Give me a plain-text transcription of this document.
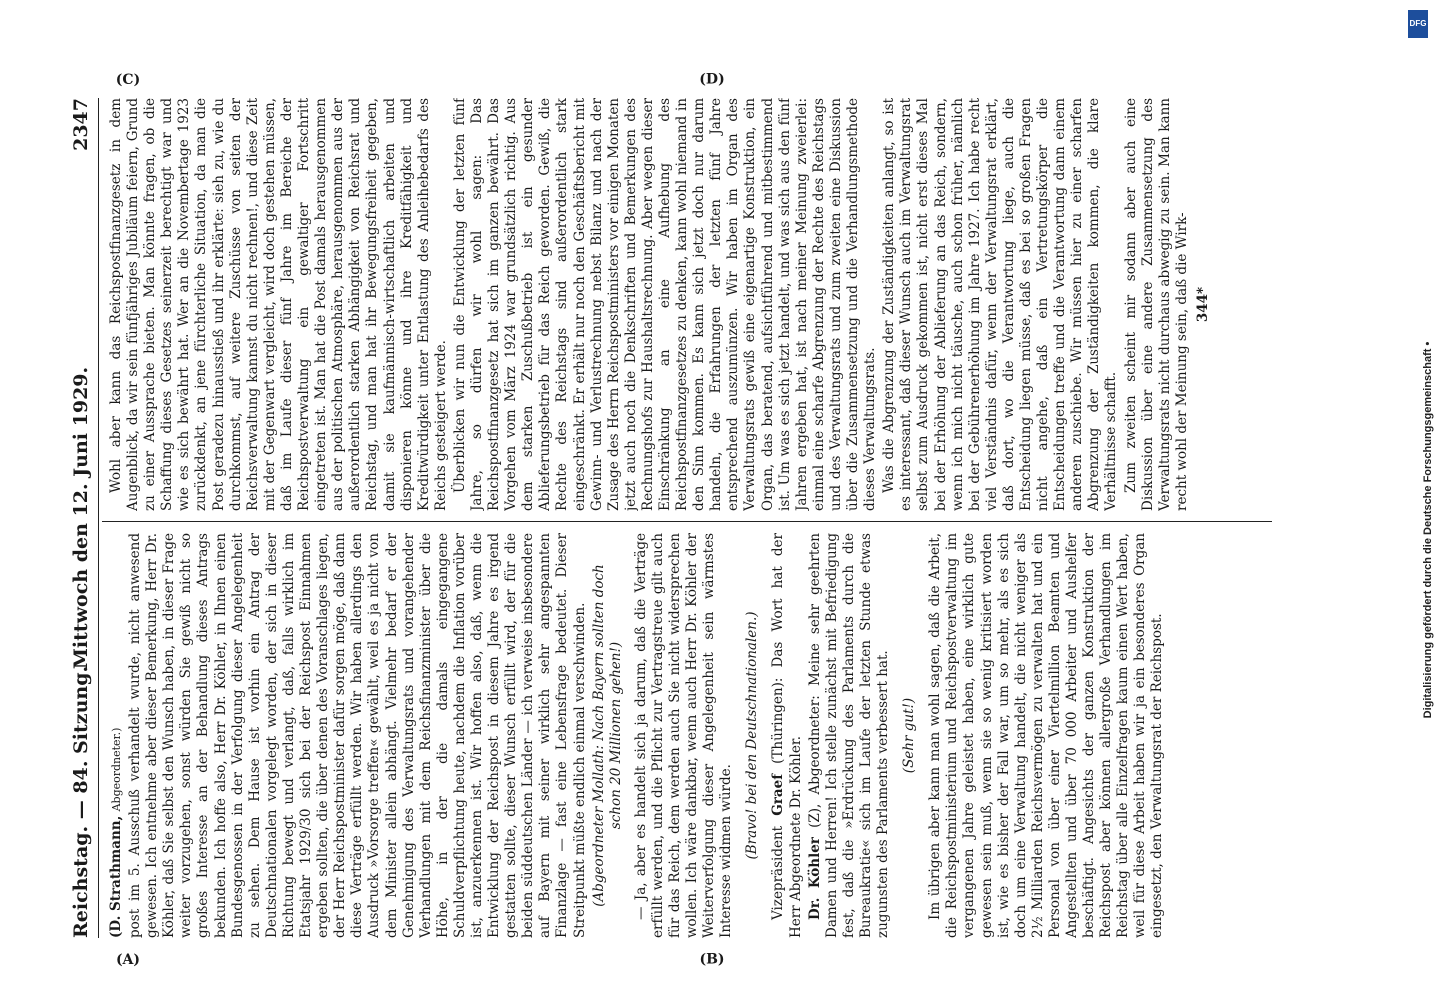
Reichstag. — 84. Sitzung.
Mittwoch den 12. Juni 1929.
2347

(D. Strathmann, Abgeordneter.) post im 5. Ausschuß verhandelt wurde, nicht anwesend gewesen. Ich entnehme aber dieser Bemerkung, Herr Dr. Köhler, daß Sie selbst den Wunsch haben, in dieser Frage weiter vorzugehen, sonst würden Sie gewiß nicht so großes Interesse an der Behandlung dieses Antrags bekunden. Ich hoffe also, Herr Dr. Köhler, in Ihnen einen Bundesgenossen in der Verfolgung dieser Angelegenheit zu sehen. Dem Hause ist vorhin ein Antrag der Deutschnationalen vorgelegt worden, der sich in dieser Richtung bewegt und verlangt, daß, falls wirklich im Etatsjahr 1929/30 sich bei der Reichspost Einnahmen ergeben sollten, die über denen des Voranschlages liegen, der Herr Reichspostminister dafür sorgen möge, daß dann diese Verträge erfüllt werden. Wir haben allerdings den Ausdruck »Vorsorge treffen« gewählt, weil es ja nicht von dem Minister allein abhängt. Vielmehr bedarf er der Genehmigung des Verwaltungsrats und vorangehender Verhandlungen mit dem Reichsfinanzminister über die Höhe, in der die damals eingegangene Schuldverpflichtung heute, nachdem die Inflation vorüber ist, anzuerkennen ist. Wir hoffen also, daß, wenn die Entwicklung der Reichspost in diesem Jahre es irgend gestatten sollte, dieser Wunsch erfüllt wird, der für die beiden süddeutschen Länder — ich verweise insbesondere auf Bayern mit seiner wirklich sehr angespannten Finanzlage — fast eine Lebensfrage bedeutet. Dieser Streitpunkt müßte endlich einmal verschwinden. (Abgeordneter Mollath: Nach Bayern sollten doch schon 20 Millionen gehen!) — Ja, aber es handelt sich ja darum, daß die Verträge erfüllt werden, und die Pflicht zur Vertragstreue gilt auch für das Reich, dem werden auch Sie nicht widersprechen wollen. Ich wäre dankbar, wenn auch Herr Dr. Köhler der Weiterverfolgung dieser Angelegenheit sein wärmstes Interesse widmen würde. (Bravo! bei den Deutschnationalen.)

Vizepräsident Graef (Thüringen): Das Wort hat der Herr Abgeordnete Dr. Köhler. Dr. Köhler (Z), Abgeordneter: Meine sehr geehrten Damen und Herren! Ich stelle zunächst mit Befriedigung fest, daß die »Erdrückung des Parlaments durch die Bureaukratie« sich im Laufe der letzten Stunde etwas zugunsten des Parlaments verbessert hat. (Sehr gut!) Im übrigen aber kann man wohl sagen, daß die Arbeit, die Reichspostministerium und Reichspostverwaltung im vergangenen Jahre geleistet haben, eine wirklich gute gewesen sein muß, wenn sie so wenig kritisiert worden ist, wie es bisher der Fall war, um so mehr, als es sich doch um eine Verwaltung handelt, die nicht weniger als 2½ Milliarden Reichsvermögen zu verwalten hat und ein Personal von über einer Viertelmillion Beamten und Angestellten und über 70 000 Arbeiter und Aushelfer beschäftigt. Angesichts der ganzen Konstruktion der Reichspost aber können allergroße Verhandlungen im Reichstag über alle Einzelfragen kaum einen Wert haben, weil für diese Arbeit haben wir ja ein besonderes Organ eingesetzt, den Verwaltungsrat der Reichspost.

Wohl aber kann das Reichspostfinanzgesetz in dem Augenblick, da wir sein fünfjähriges Jubiläum feiern, Grund zu einer Aussprache bieten. Man könnte fragen, ob die Schaffung dieses Gesetzes seinerzeit berechtigt war und wie es sich bewährt hat. Wer an die Novembertage 1923 zurückdenkt, an jene fürchterliche Situation, da man die Post geradezu hinausstieß und ihr erklärte: sieh zu, wie du durchkommst, auf weitere Zuschüsse von seiten der Reichsverwaltung kannst du nicht rechnen!, und diese Zeit mit der Gegenwart vergleicht, wird doch gestehen müssen, daß im Laufe dieser fünf Jahre im Bereiche der Reichspostverwaltung ein gewaltiger Fortschritt eingetreten ist. Man hat die Post damals herausgenommen aus der politischen Atmosphäre, herausgenommen aus der außerordentlich starken Abhängigkeit von Reichsrat und Reichstag, und man hat ihr Bewegungsfreiheit gegeben, damit sie kaufmännisch-wirtschaftlich arbeiten und disponieren könne und ihre Kreditfähigkeit und Kreditwürdigkeit unter Entlastung des Anleihebedarfs des Reichs gesteigert werde. Überblicken wir nun die Entwicklung der letzten fünf Jahre, so dürfen wir wohl sagen: Das Reichspostfinanzgesetz hat sich im ganzen bewährt. Das Vorgehen vom März 1924 war grundsätzlich richtig. Aus dem starken Zuschußbetrieb ist ein gesunder Ablieferungsbetrieb für das Reich geworden. Gewiß, die Rechte des Reichstags sind außerordentlich stark eingeschränkt. Er erhält nur noch den Geschäftsbericht mit Gewinn- und Verlustrechnung nebst Bilanz und nach der Zusage des Herrn Reichspostministers vor einigen Monaten jetzt auch noch die Denkschriften und Bemerkungen des Rechnungshofs zur Haushaltsrechnung. Aber wegen dieser Einschränkung an eine Aufhebung des Reichspostfinanzgesetzes zu denken, kann wohl niemand in den Sinn kommen. Es kann sich jetzt doch nur darum handeln, die Erfahrungen der letzten fünf Jahre entsprechend auszumünzen. Wir haben im Organ des Verwaltungsrats gewiß eine eigenartige Konstruktion, ein Organ, das beratend, aufsichtführend und mitbestimmend ist. Um was es sich jetzt handelt, und was sich aus den fünf Jahren ergeben hat, ist nach meiner Meinung zweierlei: einmal eine scharfe Abgrenzung der Rechte des Reichstags und des Verwaltungsrats und zum zweiten eine Diskussion über die Zusammensetzung und die Verhandlungsmethode dieses Verwaltungsrats. Was die Abgrenzung der Zuständigkeiten anlangt, so ist es interessant, daß dieser Wunsch auch im Verwaltungsrat selbst zum Ausdruck gekommen ist, nicht erst dieses Mal bei der Erhöhung der Ablieferung an das Reich, sondern, wenn ich mich nicht täusche, auch schon früher, nämlich bei der Gebührenerhöhung im Jahre 1927. Ich habe recht viel Verständnis dafür, wenn der Verwaltungsrat erklärt, daß dort, wo die Verantwortung liege, auch die Entscheidung liegen müsse, daß es bei so großen Fragen nicht angehe, daß ein Vertretungskörper die Entscheidungen treffe und die Verantwortung dann einem anderen zuschiebe. Wir müssen hier zu einer scharfen Abgrenzung der Zuständigkeiten kommen, die klare Verhältnisse schafft. Zum zweiten scheint mir sodann aber auch eine Diskussion über eine andere Zusammensetzung des Verwaltungsrats nicht durchaus abwegig zu sein. Man kann recht wohl der Meinung sein, daß die Wirk- 344*
(A)	(B)
(C)	(D)
DFG
Digitalisierung gefördert durch die Deutsche Forschungsgemeinschaft •
